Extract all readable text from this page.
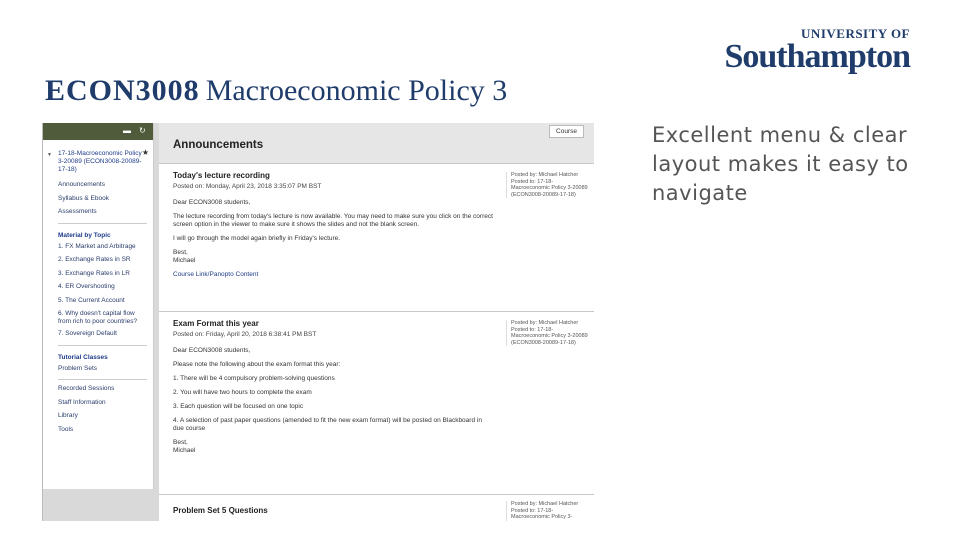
UNIVERSITY OF
Southampton
ECON3008 Macroeconomic Policy 3
Excellent menu & clear layout makes it easy to navigate
▬ ↻
▼ 17-18-Macroeconomic Policy 3-20089 (ECON3008-20089-17-18)
★
Announcements
Syllabus & Ebook
Assessments
Material by Topic
1. FX Market and Arbitrage
2. Exchange Rates in SR
3. Exchange Rates in LR
4. ER Overshooting
5. The Current Account
6. Why doesn't capital flow from rich to poor countries?
7. Sovereign Default
Tutorial Classes
Problem Sets
Recorded Sessions
Staff Information
Library
Tools
Announcements
Course
Today's lecture recording
Posted on: Monday, April 23, 2018 3:35:07 PM BST

Dear ECON3008 students,

The lecture recording from today's lecture is now available. You may need to make sure you click on the correct screen option in the viewer to make sure it shows the slides and not the blank screen.

I will go through the model again briefly in Friday's lecture.

Best,

Michael

Course Link/Panopto Content
Posted by: Michael Hatcher Posted to: 17-18-Macroeconomic Policy 3-20089 (ECON3008-20089-17-18)
Exam Format this year
Posted on: Friday, April 20, 2018 6:38:41 PM BST

Dear ECON3008 students,

Please note the following about the exam format this year:

1. There will be 4 compulsory problem-solving questions

2. You will have two hours to complete the exam

3. Each question will be focused on one topic

4. A selection of past paper questions (amended to fit the new exam format) will be posted on Blackboard in due course

Best,

Michael

Posted by: Michael Hatcher Posted to: 17-18-Macroeconomic Policy 3-20089 (ECON3008-20089-17-18)
Problem Set 5 Questions
Posted by: Michael Hatcher Posted to: 17-18-Macroeconomic Policy 3-
